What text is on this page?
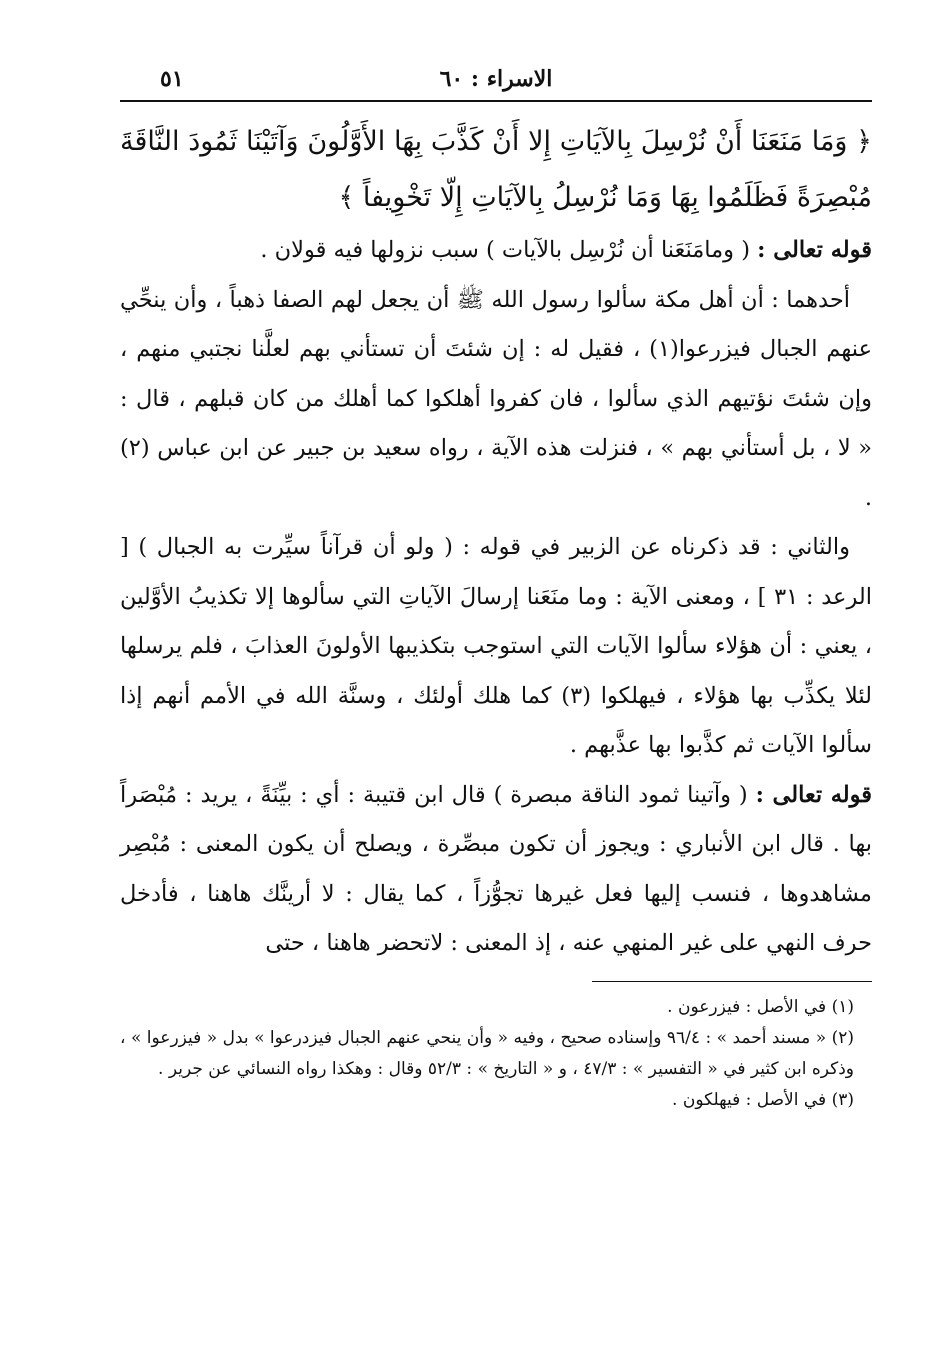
الاسراء : ٦٠
٥١
﴿ وَمَا مَنَعَنَا أَنْ نُرْسِلَ بِالآيَاتِ إِلا أَنْ كَذَّبَ بِهَا الأَوَّلُونَ وَآتَيْنَا ثَمُودَ النَّاقَةَ مُبْصِرَةً فَظَلَمُوا بِهَا وَمَا نُرْسِلُ بِالآيَاتِ إِلّا تَخْوِيفاً ﴾

قوله تعالى : ( ومامَنَعَنا أن نُرْسِل بالآيات ) سبب نزولها فيه قولان .

أحدهما : أن أهل مكة سألوا رسول الله ﷺ أن يجعل لهم الصفا ذهباً ، وأن ينحِّي عنهم الجبال فيزرعوا(١) ، فقيل له : إن شئتَ أن تستأني بهم لعلَّنا نجتبي منهم ، وإن شئتَ نؤتيهم الذي سألوا ، فان كفروا أهلكوا كما أهلك من كان قبلهم ، قال : « لا ، بل أستأني بهم » ، فنزلت هذه الآية ، رواه سعيد بن جبير عن ابن عباس (٢) .

والثاني : قد ذكرناه عن الزبير في قوله : ( ولو أن قرآناً سيِّرت به الجبال ) [ الرعد : ٣١ ] ، ومعنى الآية : وما منَعَنا إرسالَ الآياتِ التي سألوها إلا تكذيبُ الأوَّلين ، يعني : أن هؤلاء سألوا الآيات التي استوجب بتكذيبها الأولونَ العذابَ ، فلم يرسلها لئلا يكذِّب بها هؤلاء ، فيهلكوا (٣) كما هلك أولئك ، وسنَّة الله في الأمم أنهم إذا سألوا الآيات ثم كذَّبوا بها عذَّبهم .

قوله تعالى : ( وآتينا ثمود الناقة مبصرة ) قال ابن قتيبة : أي : بيِّنَةً ، يريد : مُبْصَراً بها . قال ابن الأنباري : ويجوز أن تكون مبصِّرة ، ويصلح أن يكون المعنى : مُبْصِر مشاهدوها ، فنسب إليها فعل غيرها تجوُّزاً ، كما يقال : لا أرينَّك هاهنا ، فأدخل حرف النهي على غير المنهي عنه ، إذ المعنى : لاتحضر هاهنا ، حتى

(١) في الأصل : فيزرعون .

(٢) « مسند أحمد » : ٩٦/٤ وإسناده صحيح ، وفيه « وأن ينحي عنهم الجبال فيزدرعوا » بدل « فيزرعوا » ، وذكره ابن كثير في « التفسير » : ٤٧/٣ ، و « التاريخ » : ٥٢/٣ وقال : وهكذا رواه النسائي عن جرير .

(٣) في الأصل : فيهلكون .
